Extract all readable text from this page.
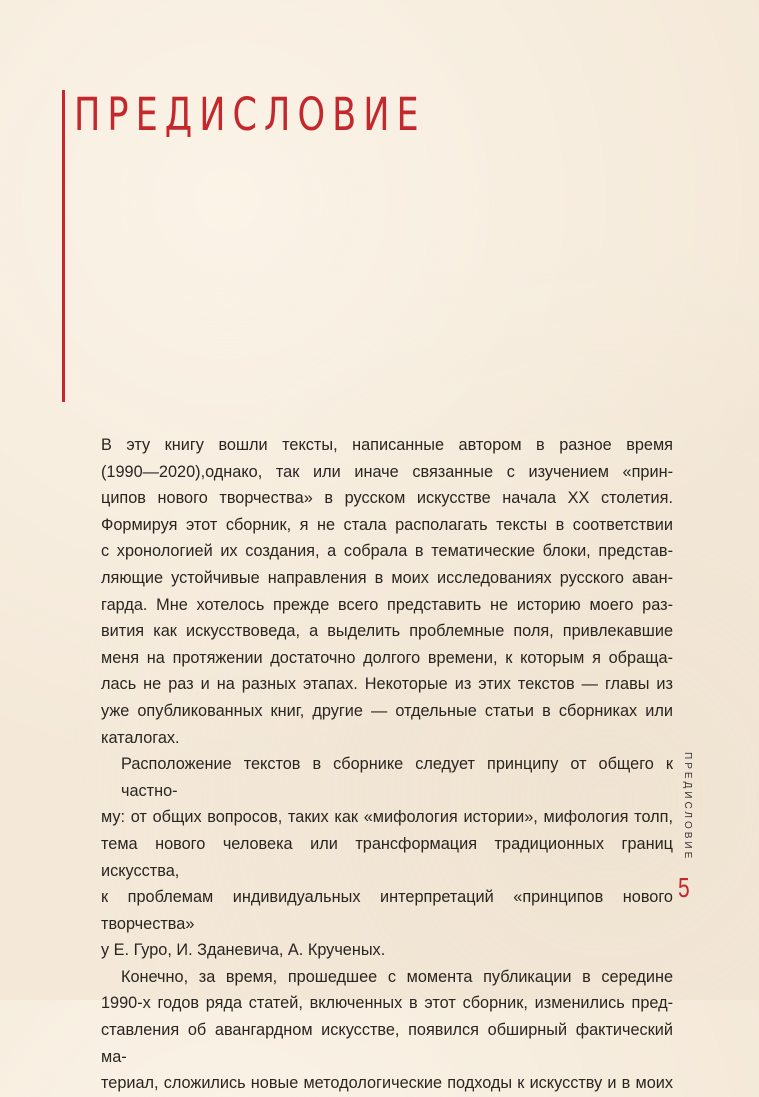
ПРЕДИСЛОВИЕ
В эту книгу вошли тексты, написанные автором в разное время
(1990—2020),однако, так или иначе связанные с изучением «прин-
ципов нового творчества» в русском искусстве начала XX столетия.
Формируя этот сборник, я не стала располагать тексты в соответствии
с хронологией их создания, а собрала в тематические блоки, представ-
ляющие устойчивые направления в моих исследованиях русского аван-
гарда. Мне хотелось прежде всего представить не историю моего раз-
вития как искусствоведа, а выделить проблемные поля, привлекавшие
меня на протяжении достаточно долгого времени, к которым я обраща-
лась не раз и на разных этапах. Некоторые из этих текстов — главы из
уже опубликованных книг, другие — отдельные статьи в сборниках или
каталогах.
Расположение текстов в сборнике следует принципу от общего к частно-
му: от общих вопросов, таких как «мифология истории», мифология толп,
тема нового человека или трансформация традиционных границ искусства,
к проблемам индивидуальных интерпретаций «принципов нового творчества»
у Е. Гуро, И. Зданевича, А. Крученых.
Конечно, за время, прошедшее с момента публикации в середине
1990-х годов ряда статей, включенных в этот сборник, изменились пред-
ставления об авангардном искусстве, появился обширный фактический ма-
териал, сложились новые методологические подходы к искусству и в моих
ПРЕДИСЛОВИЕ
5
